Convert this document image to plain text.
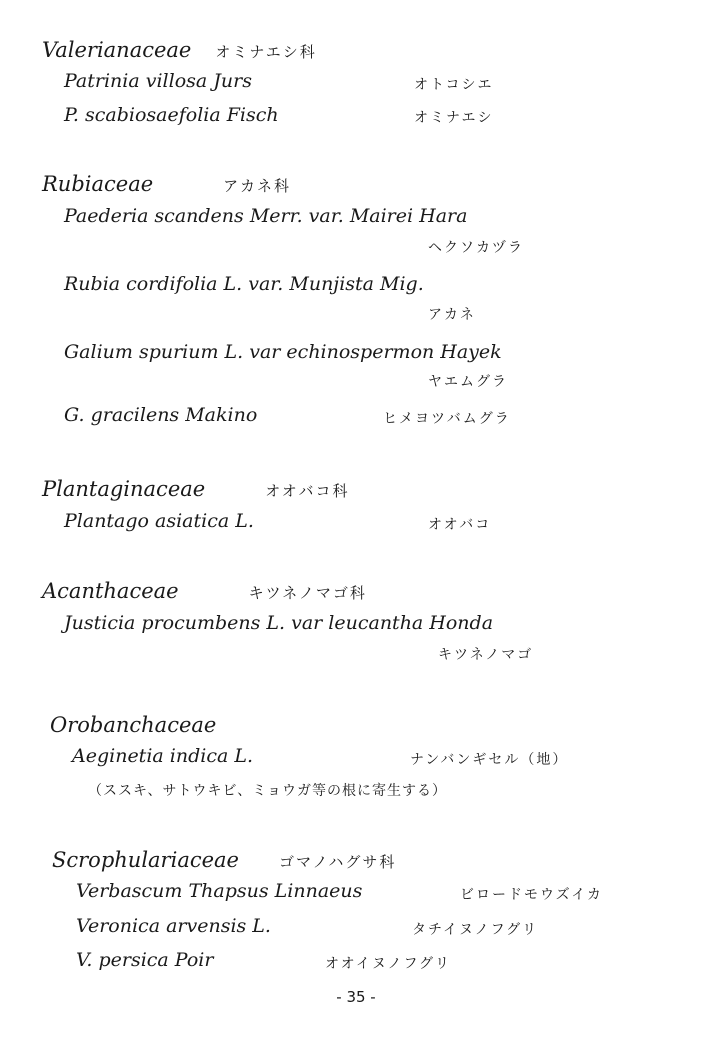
Valerianaceae オミナエシ科
Patrinia villosa Jurs	オトコシエ
P. scabiosaefolia Fisch	オミナエシ
Rubiaceae	アカネ科
Paederia scandens Merr. var. Mairei Hara
ヘクソカヅラ
Rubia cordifolia L. var. Munjista Mig.
アカネ
Galium spurium L. var echinospermon Hayek
ヤエムグラ
G. gracilens Makino	ヒメヨツバムグラ
Plantaginaceae	オオバコ科
Plantago asiatica L.	オオバコ
Acanthaceae	キツネノマゴ科
Justicia procumbens L. var leucantha Honda
キツネノマゴ
Orobanchaceae
Aeginetia indica L.	ナンバンギセル（地）
（ススキ、サトウキビ、ミョウガ等の根に寄生する）
Scrophulariaceae	ゴマノハグサ科
Verbascum Thapsus Linnaeus	ビロードモウズイカ
Veronica arvensis L.	タチイヌノフグリ
V. persica Poir	オオイヌノフグリ
- 35 -
